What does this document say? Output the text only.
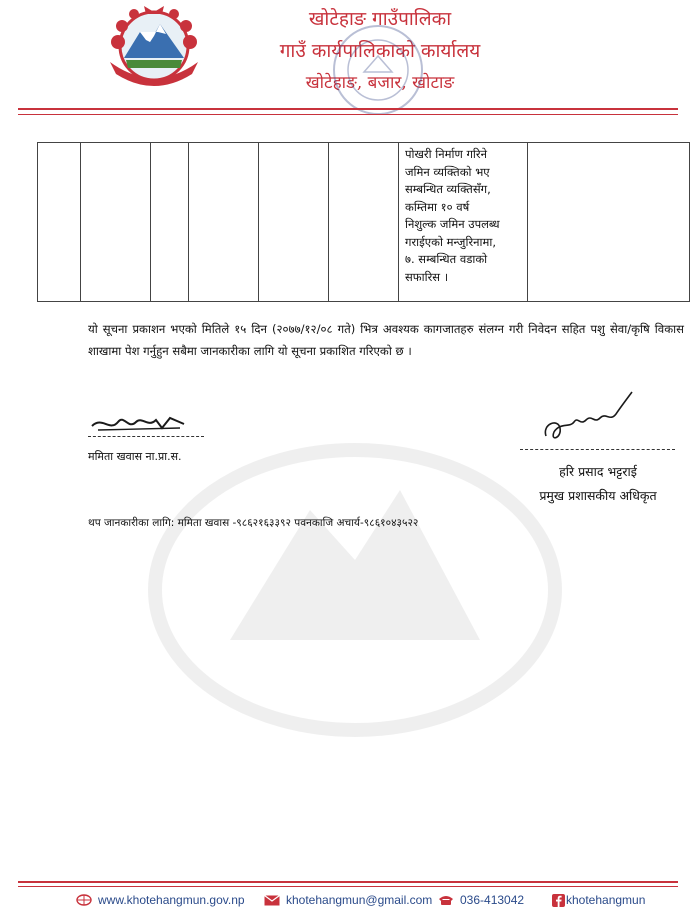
खोटेहाङ गाउँपालिका
गाउँ कार्यपालिकाको कार्यालय
खोटेहाङ, बजार, खोटाङ

पोखरी निर्माण गरिने
जमिन व्यक्तिको भए
सम्बन्धित व्यक्तिसँग,
कम्तिमा १० वर्ष
निशुल्क जमिन उपलब्ध
गराईएको मन्जुरिनामा,
७. सम्बन्धित वडाको
सफारिस ।

यो सूचना प्रकाशन भएको मितिले १५ दिन (२०७७/१२/०८ गते) भित्र अवश्यक कागजातहरु संलग्न गरी निवेदन सहित पशु सेवा/कृषि विकास शाखामा पेश गर्नुहुन सबैमा जानकारीका लागि यो सूचना प्रकाशित गरिएको छ ।
ममिता खवास ना.प्रा.स.
हरि प्रसाद भट्टराई
प्रमुख प्रशासकीय अधिकृत
थप जानकारीका लागि: ममिता खवास -९८६२१६३३९२ पवनकाजि अचार्य-९८६१०४३५२२
www.khotehangmun.gov.np	khotehangmun@gmail.com 036-413042	khotehangmun
